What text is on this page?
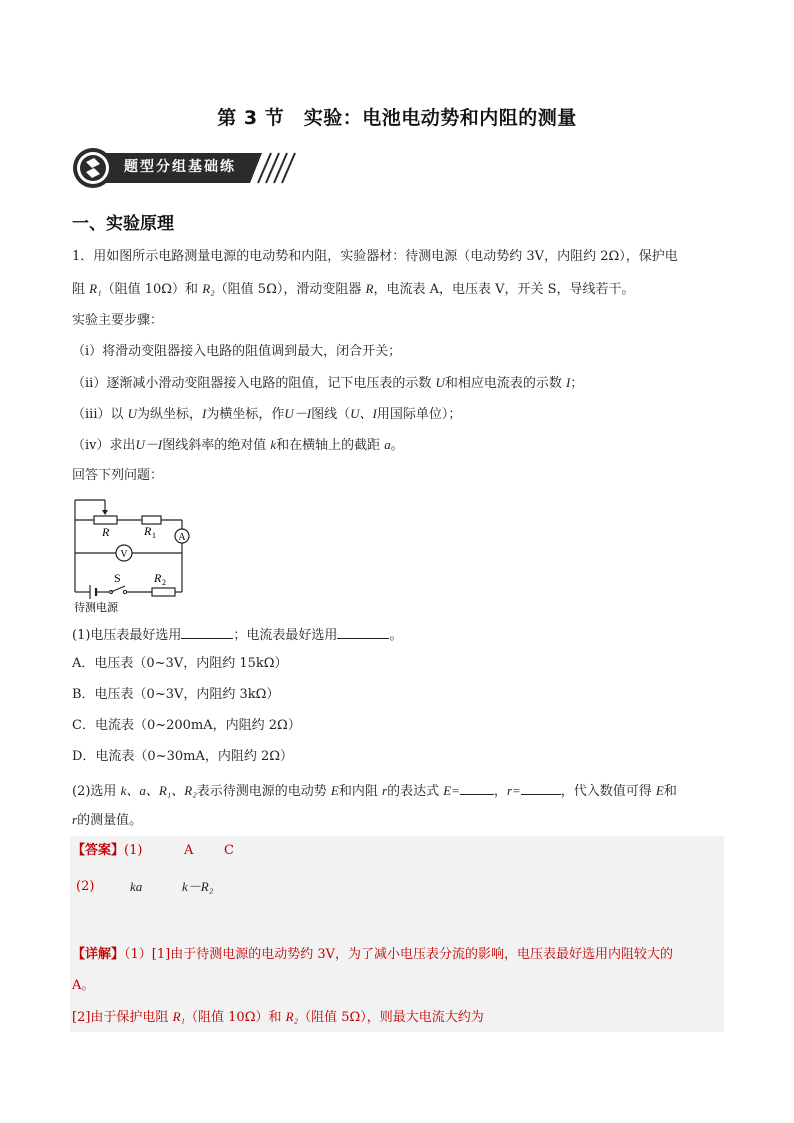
第 3 节　实验：电池电动势和内阻的测量
题型分组基础练
一、实验原理
1．用如图所示电路测量电源的电动势和内阻，实验器材：待测电源（电动势约 3V，内阻约 2Ω），保护电
阻 R₁（阻值 10Ω）和 R₂（阻值 5Ω），滑动变阻器 R，电流表 A，电压表 V，开关 S，导线若干。
实验主要步骤：
（i）将滑动变阻器接入电路的阻值调到最大，闭合开关；
（ii）逐渐减小滑动变阻器接入电路的阻值，记下电压表的示数 U和相应电流表的示数 I；
（iii）以 U为纵坐标，I为横坐标，作U－I图线（U、I用国际单位）；
（iv）求出U－I图线斜率的绝对值 k和在横轴上的截距 a。
回答下列问题：
A
V
R	R 1
S	R 2
待测电源
(1)电压表最好选用	；电流表最好选用	。
A．电压表（0~3V，内阻约 15kΩ）
B．电压表（0~3V，内阻约 3kΩ）
C．电流表（0~200mA，内阻约 2Ω）
D．电流表（0~30mA，内阻约 2Ω）
(2)选用 k、a、R₁、R₂表示待测电源的电动势 E和内阻 r的表达式 E=	，r=	，代入数值可得 E和
r的测量值。
【答案】(1)	A C
(2)	ka	k－R₂
【详解】（1）[1]由于待测电源的电动势约 3V，为了减小电压表分流的影响，电压表最好选用内阻较大的
A。
[2]由于保护电阻 R₁（阻值 10Ω）和 R₂（阻值 5Ω），则最大电流大约为
